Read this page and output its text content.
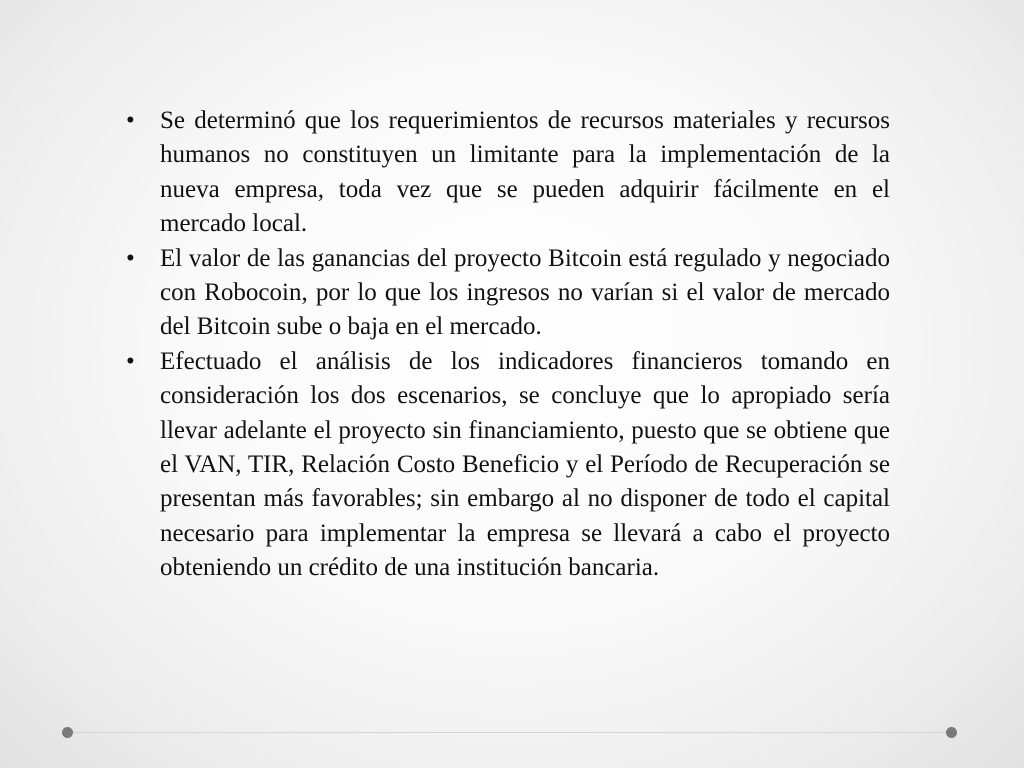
• Se determinó que los requerimientos de recursos materiales y recursos humanos no constituyen un limitante para la implementación de la nueva empresa, toda vez que se pueden adquirir fácilmente en el mercado local.
• El valor de las ganancias del proyecto Bitcoin está regulado y negociado con Robocoin, por lo que los ingresos no varían si el valor de mercado del Bitcoin sube o baja en el mercado.
• Efectuado el análisis de los indicadores financieros tomando en consideración los dos escenarios, se concluye que lo apropiado sería llevar adelante el proyecto sin financiamiento, puesto que se obtiene que el VAN, TIR, Relación Costo Beneficio y el Período de Recuperación se presentan más favorables; sin embargo al no disponer de todo el capital necesario para implementar la empresa se llevará a cabo el proyecto obteniendo un crédito de una institución bancaria.
